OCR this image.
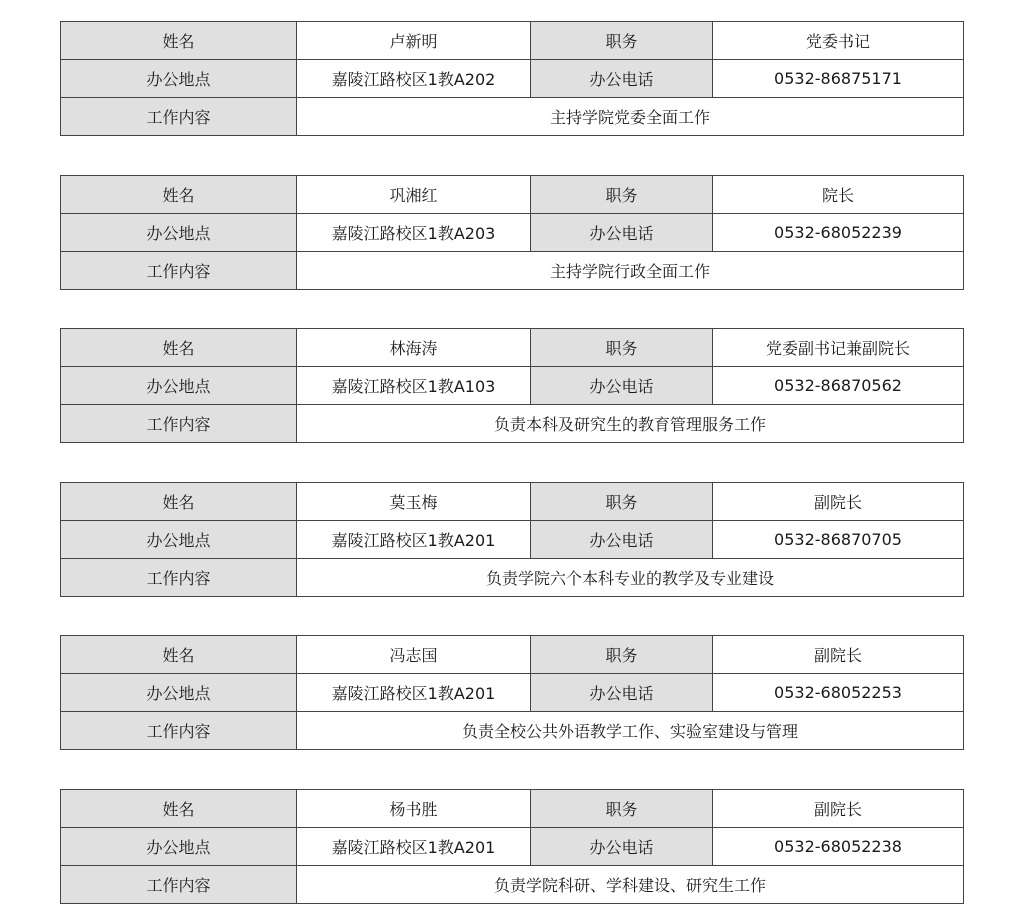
姓名	卢新明	职务	党委书记
办公地点	嘉陵江路校区1教A202	办公电话	0532-86875171
工作内容	主持学院党委全面工作		
姓名	巩湘红	职务	院长
办公地点	嘉陵江路校区1教A203	办公电话	0532-68052239
工作内容	主持学院行政全面工作		
姓名	林海涛	职务	党委副书记兼副院长
办公地点	嘉陵江路校区1教A103	办公电话	0532-86870562
工作内容	负责本科及研究生的教育管理服务工作		
姓名	莫玉梅	职务	副院长
办公地点	嘉陵江路校区1教A201	办公电话	0532-86870705
工作内容	负责学院六个本科专业的教学及专业建设		
姓名	冯志国	职务	副院长
办公地点	嘉陵江路校区1教A201	办公电话	0532-68052253
工作内容	负责全校公共外语教学工作、实验室建设与管理		
姓名	杨书胜	职务	副院长
办公地点	嘉陵江路校区1教A201	办公电话	0532-68052238
工作内容	负责学院科研、学科建设、研究生工作		
